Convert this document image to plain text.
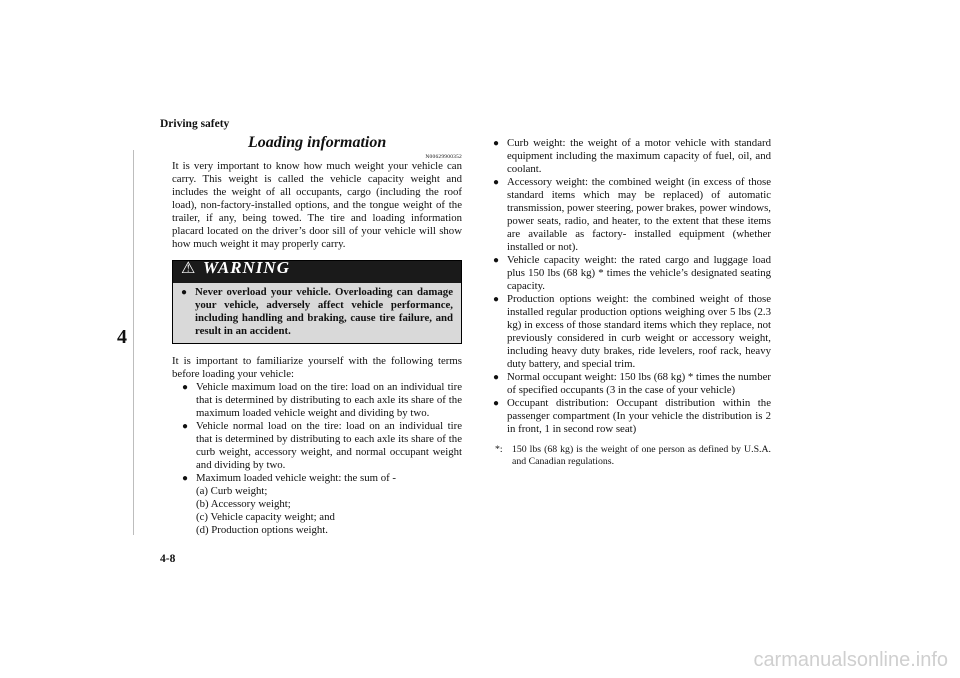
Driving safety
4
4-8
Loading information
N00629900352

It is very important to know how much weight your vehicle can carry. This weight is called the vehicle capacity weight and includes the weight of all occupants, cargo (including the roof load), non-factory-installed options, and the tongue weight of the trailer, if any, being towed. The tire and loading information placard located on the driver’s door sill of your vehicle will show how much weight it may properly carry.

⚠ WARNING
● Never overload your vehicle. Overloading can damage your vehicle, adversely affect vehicle performance, including handling and braking, cause tire failure, and result in an accident.

It is important to familiarize yourself with the following terms before loading your vehicle:

● Vehicle maximum load on the tire: load on an individual tire that is determined by distributing to each axle its share of the maximum loaded vehicle weight and dividing by two.
● Vehicle normal load on the tire: load on an individual tire that is determined by distributing to each axle its share of the curb weight, accessory weight, and normal occupant weight and dividing by two.
● Maximum loaded vehicle weight: the sum of -
(a) Curb weight;
(b) Accessory weight;
(c) Vehicle capacity weight; and
(d) Production options weight.
● Curb weight: the weight of a motor vehicle with standard equipment including the maximum capacity of fuel, oil, and coolant.
● Accessory weight: the combined weight (in excess of those standard items which may be replaced) of automatic transmission, power steering, power brakes, power windows, power seats, radio, and heater, to the extent that these items are available as factory- installed equipment (whether installed or not).
● Vehicle capacity weight: the rated cargo and luggage load plus 150 lbs (68 kg) * times the vehicle’s designated seating capacity.
● Production options weight: the combined weight of those installed regular production options weighing over 5 lbs (2.3 kg) in excess of those standard items which they replace, not previously considered in curb weight or accessory weight, including heavy duty brakes, ride levelers, roof rack, heavy duty battery, and special trim.
● Normal occupant weight: 150 lbs (68 kg) * times the number of specified occupants (3 in the case of your vehicle)
● Occupant distribution: Occupant distribution within the passenger compartment (In your vehicle the distribution is 2 in front, 1 in second row seat)
*: 150 lbs (68 kg) is the weight of one person as defined by U.S.A. and Canadian regulations.
carmanualsonline.info
